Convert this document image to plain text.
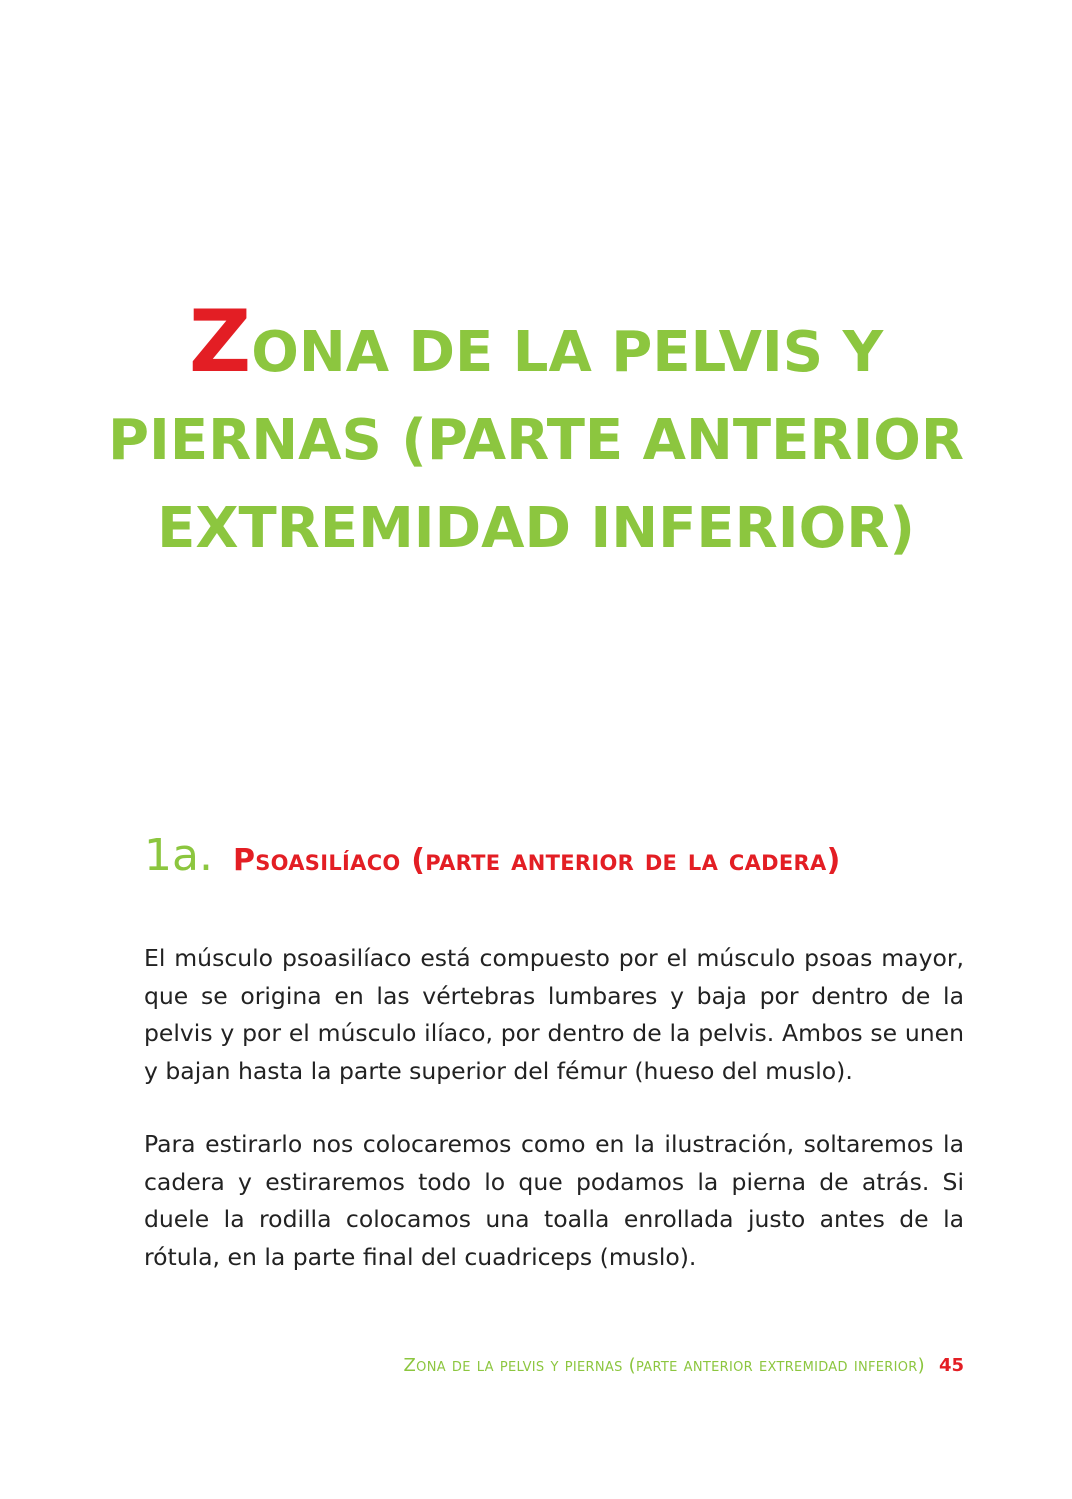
ZONA DE LA PELVIS Y
PIERNAS (PARTE ANTERIOR
EXTREMIDAD INFERIOR)
1a. Psoasilíaco (parte anterior de la cadera)

El músculo psoasilíaco está compuesto por el músculo psoas mayor, que se origina en las vértebras lumbares y baja por dentro de la pelvis y por el músculo ilíaco, por dentro de la pelvis. Ambos se unen y bajan hasta la parte superior del fémur (hueso del muslo).

Para estirarlo nos colocaremos como en la ilustración, soltaremos la cadera y estiraremos todo lo que podamos la pierna de atrás. Si duele la rodilla colocamos una toalla enrollada justo antes de la rótula, en la parte final del cuadriceps (muslo).

Zona de la pelvis y piernas (parte anterior extremidad inferior) 45
